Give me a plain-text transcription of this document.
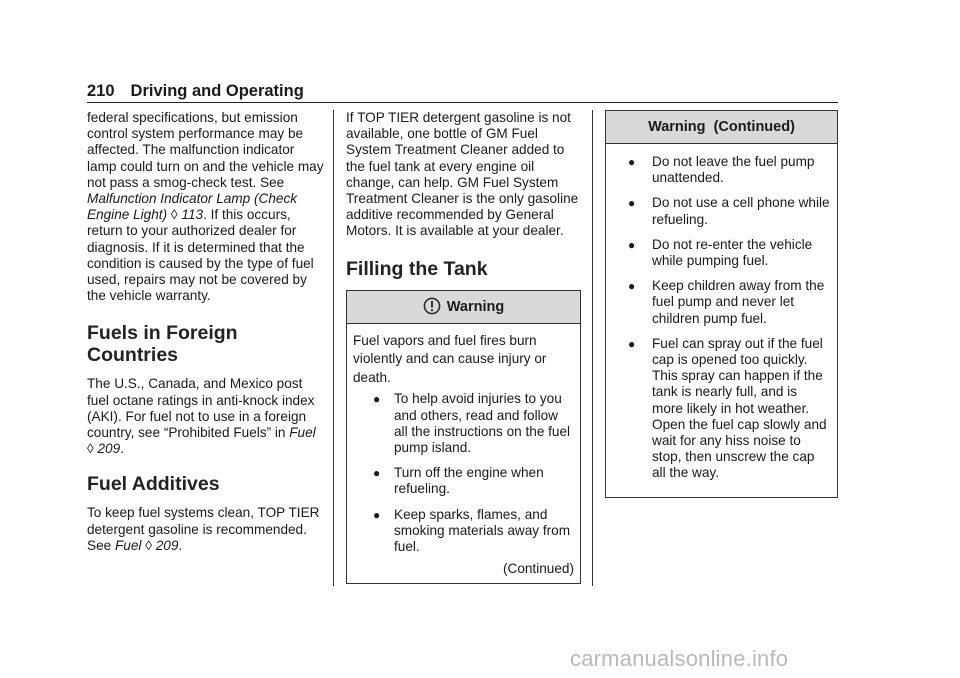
210 Driving and Operating

federal specifications, but emission control system performance may be affected. The malfunction indicator lamp could turn on and the vehicle may not pass a smog-check test. See Malfunction Indicator Lamp (Check Engine Light) ◊ 113. If this occurs, return to your authorized dealer for diagnosis. If it is determined that the condition is caused by the type of fuel used, repairs may not be covered by the vehicle warranty.

Fuels in Foreign Countries

The U.S., Canada, and Mexico post fuel octane ratings in anti-knock index (AKI). For fuel not to use in a foreign country, see “Prohibited Fuels” in Fuel ◊ 209.

Fuel Additives

To keep fuel systems clean, TOP TIER detergent gasoline is recommended. See Fuel ◊ 209.

If TOP TIER detergent gasoline is not available, one bottle of GM Fuel System Treatment Cleaner added to the fuel tank at every engine oil change, can help. GM Fuel System Treatment Cleaner is the only gasoline additive recommended by General Motors. It is available at your dealer.

Filling the Tank
Warning

Fuel vapors and fuel fires burn violently and can cause injury or death.

● To help avoid injuries to you and others, read and follow all the instructions on the fuel pump island.
● Turn off the engine when refueling.
● Keep sparks, flames, and smoking materials away from fuel.

(Continued)

Warning  (Continued)
● Do not leave the fuel pump unattended.
● Do not use a cell phone while refueling.
● Do not re-enter the vehicle while pumping fuel.
● Keep children away from the fuel pump and never let children pump fuel.
● Fuel can spray out if the fuel cap is opened too quickly. This spray can happen if the tank is nearly full, and is more likely in hot weather. Open the fuel cap slowly and wait for any hiss noise to stop, then unscrew the cap all the way.
carmanualsonline.info
